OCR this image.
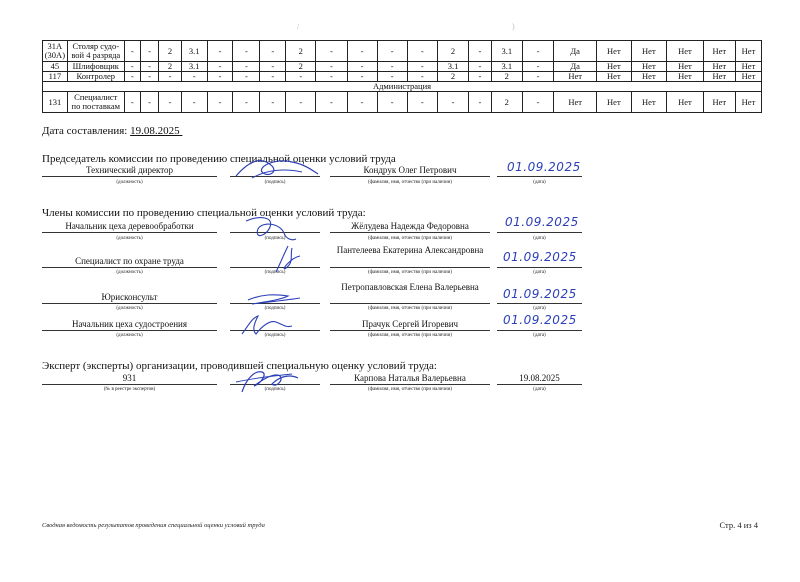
/	)
31А (30А)	Столяр судо-вой 4 разряда	-	-	2	3.1	-	-	-	2	-	-	-	-	2	-	3.1	-	Да	Нет	Нет	Нет	Нет	Нет
45	Шлифовщик	-	-	2	3.1	-	-	-	2	-	-	-	-	3.1	-	3.1	-	Да	Нет	Нет	Нет	Нет	Нет
117	Контролер	-	-	-	-	-	-	-	-	-	-	-	-	2	-	2	-	Нет	Нет	Нет	Нет	Нет	Нет
Администрация																							
131	Специалист по поставкам	-	-	-	-	-	-	-	-	-	-	-	-	-	-	2	-	Нет	Нет	Нет	Нет	Нет	Нет
Дата составления: 19.08.2025
Председатель комиссии по проведению специальной оценки условий труда
Технический директор
(должность)	(подпись)
Кондрук Олег Петрович
(фамилия, имя, отчество (при наличии)	(дата)
01.09.2025
Члены комиссии по проведению специальной оценки условий труда:
Начальник цеха деревообработки
(должность)	(подпись)
Жёлудева Надежда Федоровна
(фамилия, имя, отчество (при наличии)	(дата)
01.09.2025
Специалист по охране труда
(должность)	(подпись)
Пантелеева Екатерина Александровна
(фамилия, имя, отчество (при наличии)	(дата)
01.09.2025
Юрисконсульт
(должность)	(подпись)
Петропавловская Елена Валерьевна
(фамилия, имя, отчество (при наличии)	(дата)
01.09.2025
Начальник цеха судостроения
(должность)	(подпись)
Прачук Сергей Игоревич
(фамилия, имя, отчество (при наличии)	(дата)
01.09.2025
Эксперт (эксперты) организации, проводившей специальную оценку условий труда:
931
(№ в реестре экспертов)	(подпись)
Карпова Наталья Валерьевна
(фамилия, имя, отчество (при наличии)
19.08.2025
(дата)
Сводная ведомость результатов проведения специальной оценки условий труда	Стр. 4 из 4
